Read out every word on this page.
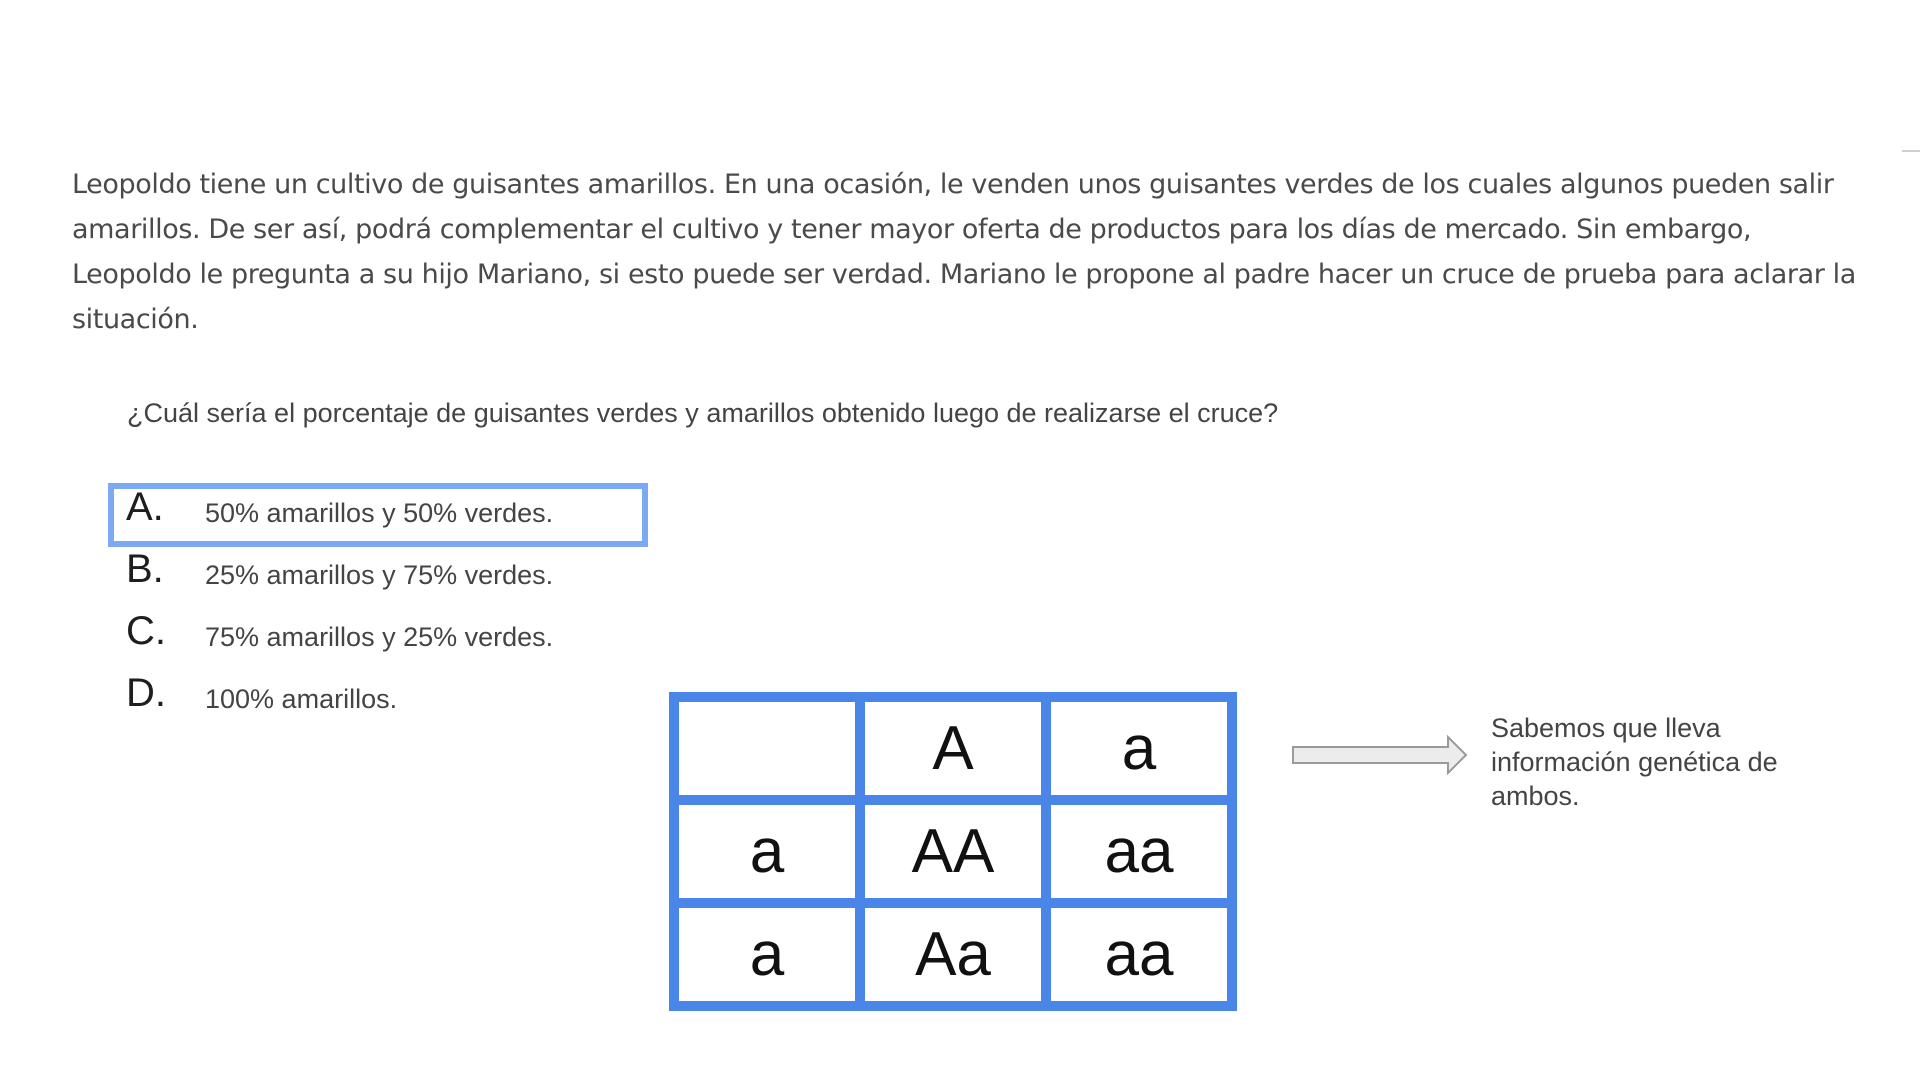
Leopoldo tiene un cultivo de guisantes amarillos. En una ocasión, le venden unos guisantes verdes de los cuales algunos pueden salir
amarillos. De ser así, podrá complementar el cultivo y tener mayor oferta de productos para los días de mercado. Sin embargo,
Leopoldo le pregunta a su hijo Mariano, si esto puede ser verdad. Mariano le propone al padre hacer un cruce de prueba para aclarar la
situación.

¿Cuál sería el porcentaje de guisantes verdes y amarillos obtenido luego de realizarse el cruce?

A. 50% amarillos y 50% verdes.
B. 25% amarillos y 75% verdes.
C. 75% amarillos y 25% verdes.
D. 100% amarillos.
	A	a
a	AA	aa
a	Aa	aa
Sabemos que lleva
información genética de
ambos.
